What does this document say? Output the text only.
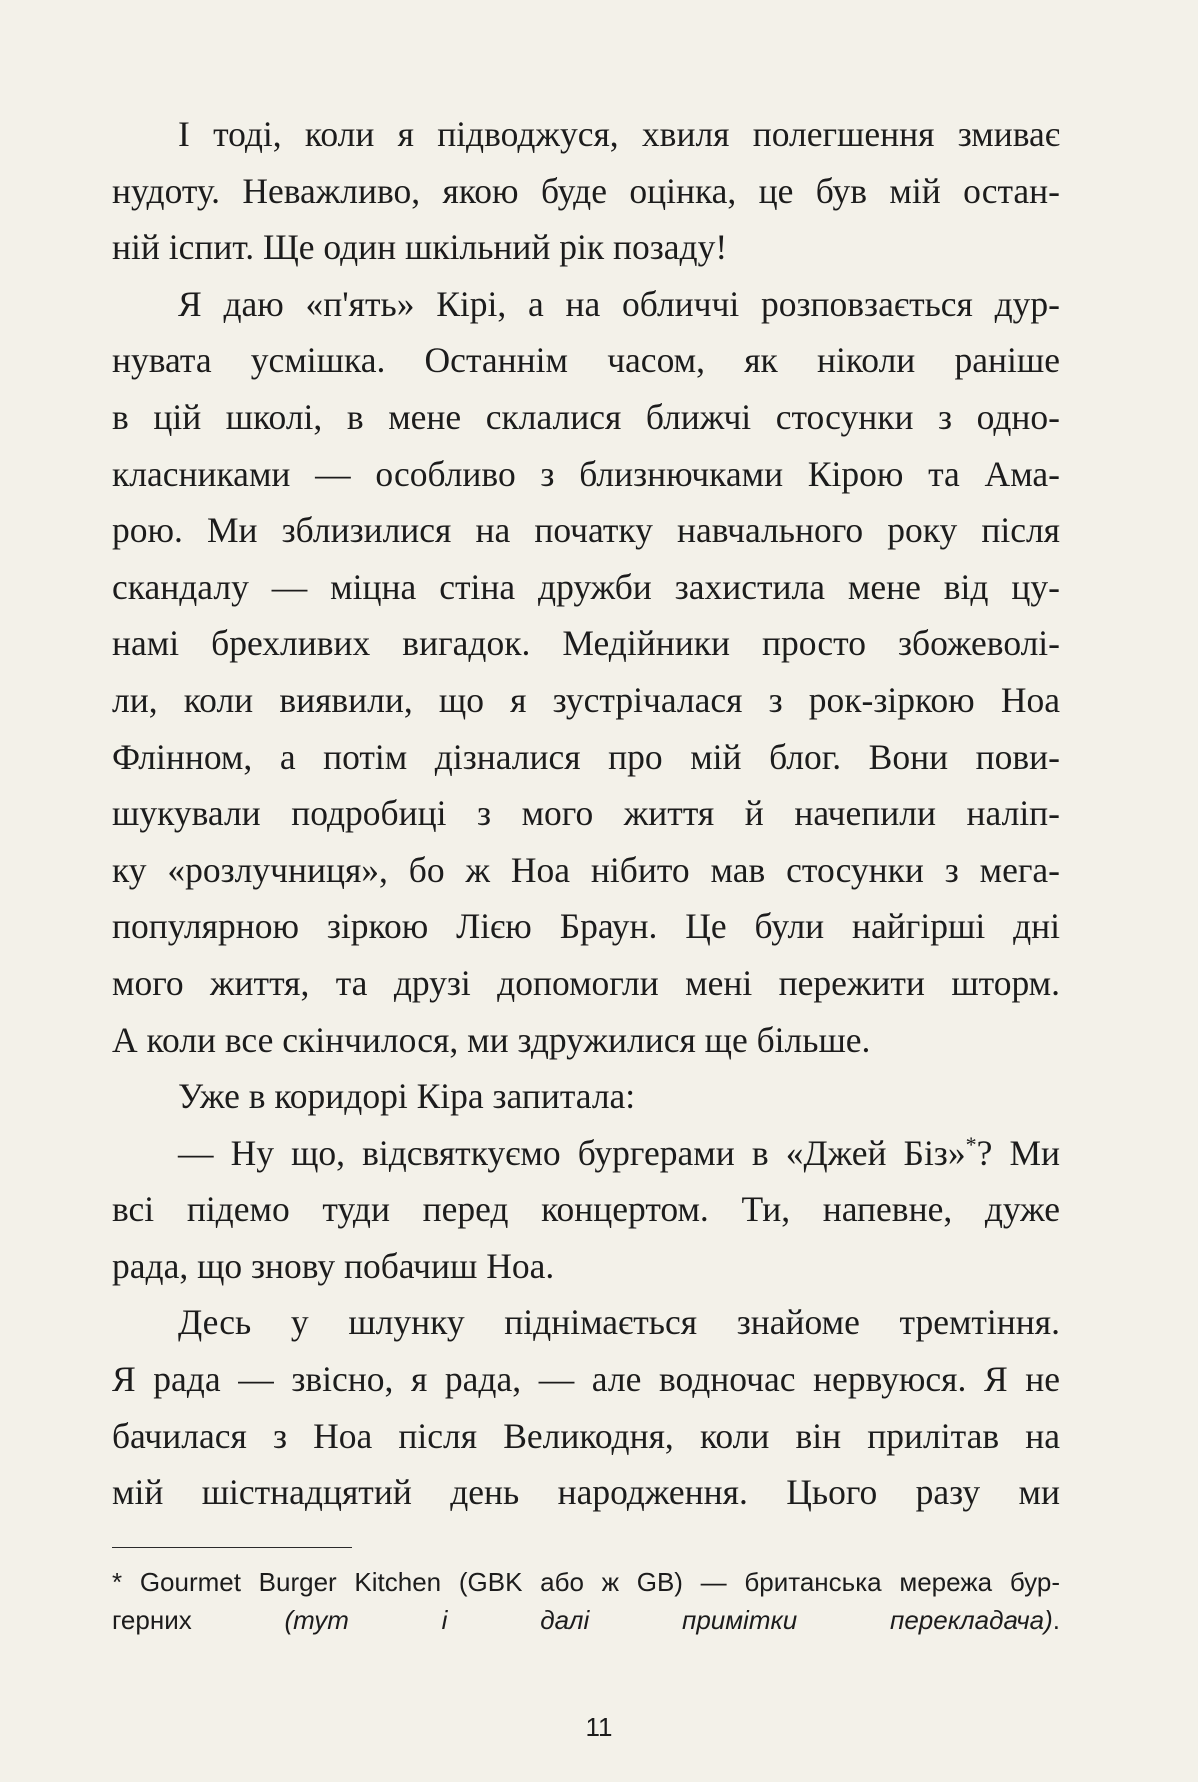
І тоді, коли я підводжуся, хвиля полегшення змиває
нудоту. Неважливо, якою буде оцінка, це був мій остан-
ній іспит. Ще один шкільний рік позаду!

Я даю «п'ять» Кірі, а на обличчі розповзається дур-
нувата усмішка. Останнім часом, як ніколи раніше
в цій школі, в мене склалися ближчі стосунки з одно-
класниками — особливо з близнючками Кірою та Ама-
рою. Ми зблизилися на початку навчального року після
скандалу — міцна стіна дружби захистила мене від цу-
намі брехливих вигадок. Медійники просто збожеволі-
ли, коли виявили, що я зустрічалася з рок-зіркою Ноа
Флінном, а потім дізналися про мій блог. Вони пови-
шукували подробиці з мого життя й начепили наліп-
ку «розлучниця», бо ж Ноа нібито мав стосунки з мега-
популярною зіркою Лією Браун. Це були найгірші дні
мого життя, та друзі допомогли мені пережити шторм.
А коли все скінчилося, ми здружилися ще більше.

Уже в коридорі Кіра запитала:

— Ну що, відсвяткуємо бургерами в «Джей Біз»*? Ми
всі підемо туди перед концертом. Ти, напевне, дуже
рада, що знову побачиш Ноа.

Десь у шлунку піднімається знайоме тремтіння.
Я рада — звісно, я рада, — але водночас нервуюся. Я не
бачилася з Ноа після Великодня, коли він прилітав на
мій шістнадцятий день народження. Цього разу ми

* Gourmet Burger Kitchen (GBK або ж GB) — британська мережа бур-
герних (тут і далі примітки перекладача).
11
